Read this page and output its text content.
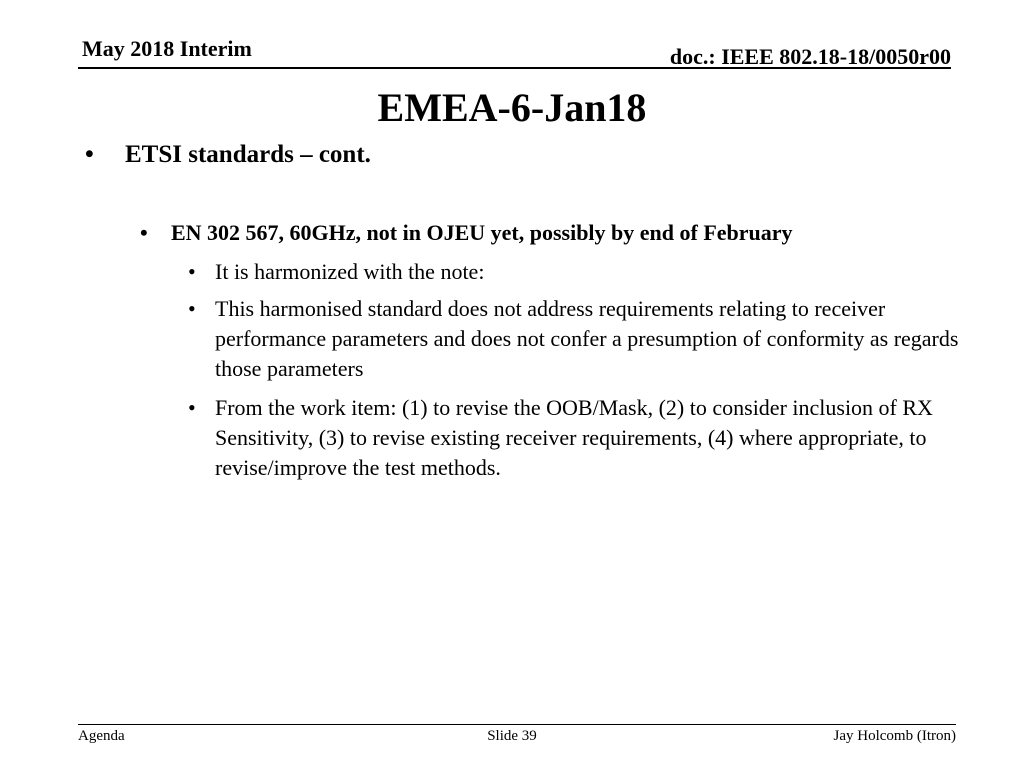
May 2018 Interim	doc.: IEEE 802.18-18/0050r00
EMEA-6-Jan18
• ETSI standards – cont.
• EN 302 567, 60GHz, not in OJEU yet, possibly by end of February
• It is harmonized with the note:
• This harmonised standard does not address requirements relating to receiver performance parameters and does not confer a presumption of conformity as regards those parameters
• From the work item: (1) to revise the OOB/Mask, (2) to consider inclusion of RX Sensitivity, (3) to revise existing receiver requirements, (4) where appropriate, to revise/improve the test methods.
Agenda	Slide 39	Jay Holcomb (Itron)
